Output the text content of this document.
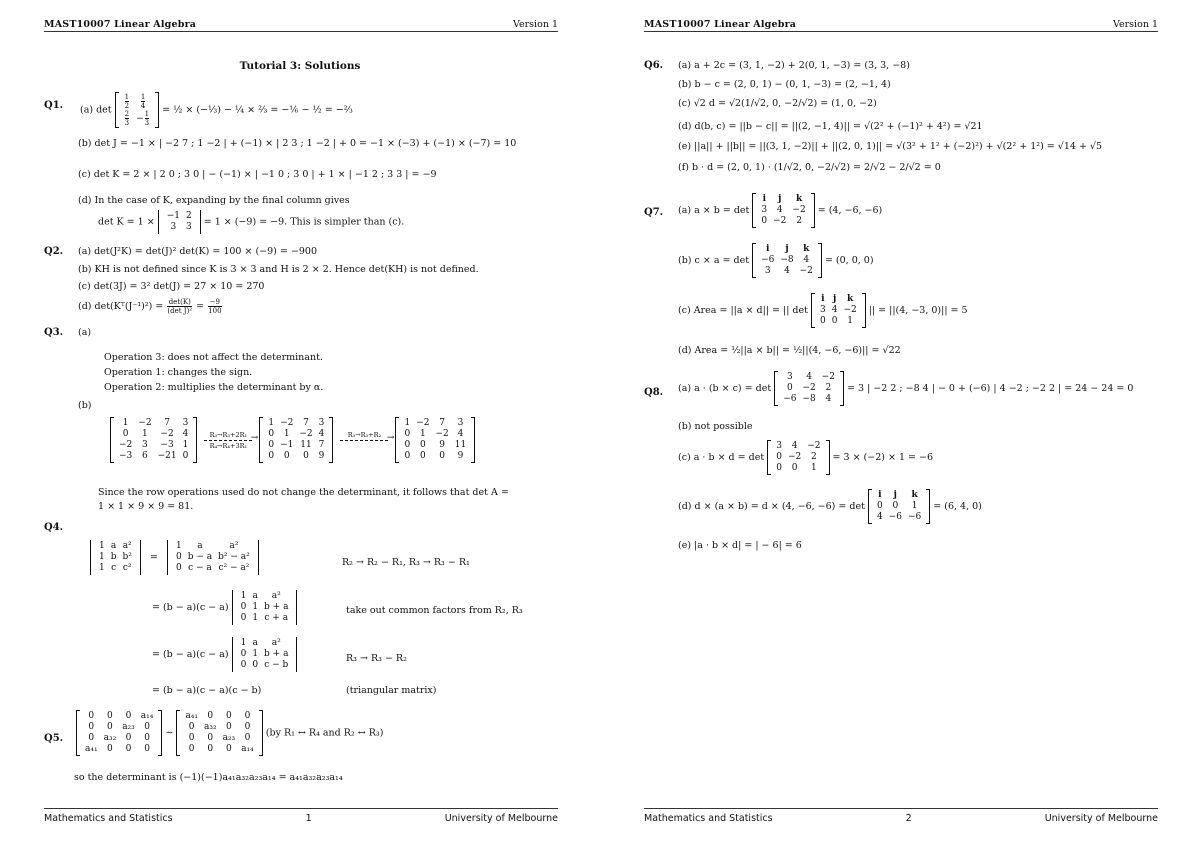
MAST10007 Linear Algebra	Version 1
Tutorial 3: Solutions
Q1. (a) $\det \frac{1}{2}$	$\frac{1}{4}$

$\frac{2}{3}$	− $\frac{1}{3}$ = ½ × (−⅓) − ¼ × ⅔ = −⅙ − ½ = −⅔
(b) det J = −1 × | −2 7 ; 1 −2 | + (−1) × | 2 3 ; 1 −2 | + 0 = −1 × (−3) + (−1) × (−7) = 10
(c) det K = 2 × | 2 0 ; 3 0 | − (−1) × | −1 0 ; 3 0 | + 1 × | −1 2 ; 3 3 | = −9
(d) In the case of K, expanding by the final column gives
det K = 1 ×
−1	2
3	3 = 1 × (−9) = −9. This is simpler than (c).
Q2. (a) det(J²K) = det(J)² det(K) = 100 × (−9) = −900
(b) KH is not defined since K is 3 × 3 and H is 2 × 2. Hence det(KH) is not defined.
(c) det(3J) = 3² det(J) = 27 × 10 = 270
(d) det(Kᵀ(J⁻¹)²) = $\frac{\det(K)}{\text{(det J)²}} = \frac{-9}{100}$
Q3. (a)
Operation 3: does not affect the determinant.
Operation 1: changes the sign.
Operation 2: multiplies the determinant by α.
(b)
1	−2	7	3
0	1	−2	4
−2	3	−3	1
−3	6	−21	0

R₃→R₃+2R₁
→
R₄→R₄+3R₁

1	−2	7	3
0	1	−2	4
0	−1	11	7
0	0	0	9

R₃→R₃+R₂
→

1	−2	7	3
0	1	−2	4
0	0	9	11
0	0	0	9
Since the row operations used do not change the determinant, it follows that det A =
1 × 1 × 9 × 9 = 81.
Q4.
1	a	a²
1	b	b²
1	c	c²
=
1	a	a²
0	b − a	b² − a²
0	c − a	c² − a²	R₂ → R₂ − R₁, R₃ → R₃ − R₁
= (b − a)(c − a)
1	a	a²
0	1	b + a
0	1	c + a
take out common factors from R₂, R₃
= (b − a)(c − a)
1	a	a²
0	1	b + a
0	0	c − b
R₃ → R₃ − R₂
= (b − a)(c − a)(c − b)	(triangular matrix)
Q5.
0	0	0	a₁₄
0	0	a₂₃	0
0	a₃₂	0	0
a₄₁	0	0	0
∼
a₄₁	0	0	0
0	a₃₂	0	0
0	0	a₂₃	0
0	0	0	a₁₄
(by R₁ ↔ R₄ and R₂ ↔ R₃)
so the determinant is (−1)(−1)a₄₁a₃₂a₂₃a₁₄ = a₄₁a₃₂a₂₃a₁₄
Mathematics and Statistics	1	University of Melbourne
MAST10007 Linear Algebra	Version 1
Q6. (a) a + 2c = (3, 1, −2) + 2(0, 1, −3) = (3, 3, −8)
(b) b − c = (2, 0, 1) − (0, 1, −3) = (2, −1, 4)
(c) √2 d = √2(1/√2, 0, −2/√2) = (1, 0, −2)
(d) d(b, c) = ||b − c|| = ||(2, −1, 4)|| = √(2² + (−1)² + 4²) = √21
(e) ||a|| + ||b|| = ||(3, 1, −2)|| + ||(2, 0, 1)|| = √(3² + 1² + (−2)²) + √(2² + 1²) = √14 + √5
(f) b · d = (2, 0, 1) · (1/√2, 0, −2/√2) = 2/√2 − 2/√2 = 0
Q7. (a) a × b = det
i	j	k
3	4	−2
0	−2	2
= (4, −6, −6)
(b) c × a = det
i	j	k
−6	−8	4
3	4	−2
= (0, 0, 0)
(c) Area = ||a × d|| = || det
i	j	k
3	4	−2
0	0	1
|| = ||(4, −3, 0)|| = 5
(d) Area = ½||a × b|| = ½||(4, −6, −6)|| = √22
Q8. (a) a · (b × c) = det
3	4	−2
0	−2	2
−6	−8	4
= 3 | −2 2 ; −8 4 | − 0 + (−6) | 4 −2 ; −2 2 | = 24 − 24 = 0
(b) not possible
(c) a · b × d = det
3	4	−2
0	−2	2
0	0	1
= 3 × (−2) × 1 = −6
(d) d × (a × b) = d × (4, −6, −6) = det
i	j	k
0	0	1
4	−6	−6
= (6, 4, 0)
(e) |a · b × d| = | − 6| = 6
Mathematics and Statistics	2	University of Melbourne
